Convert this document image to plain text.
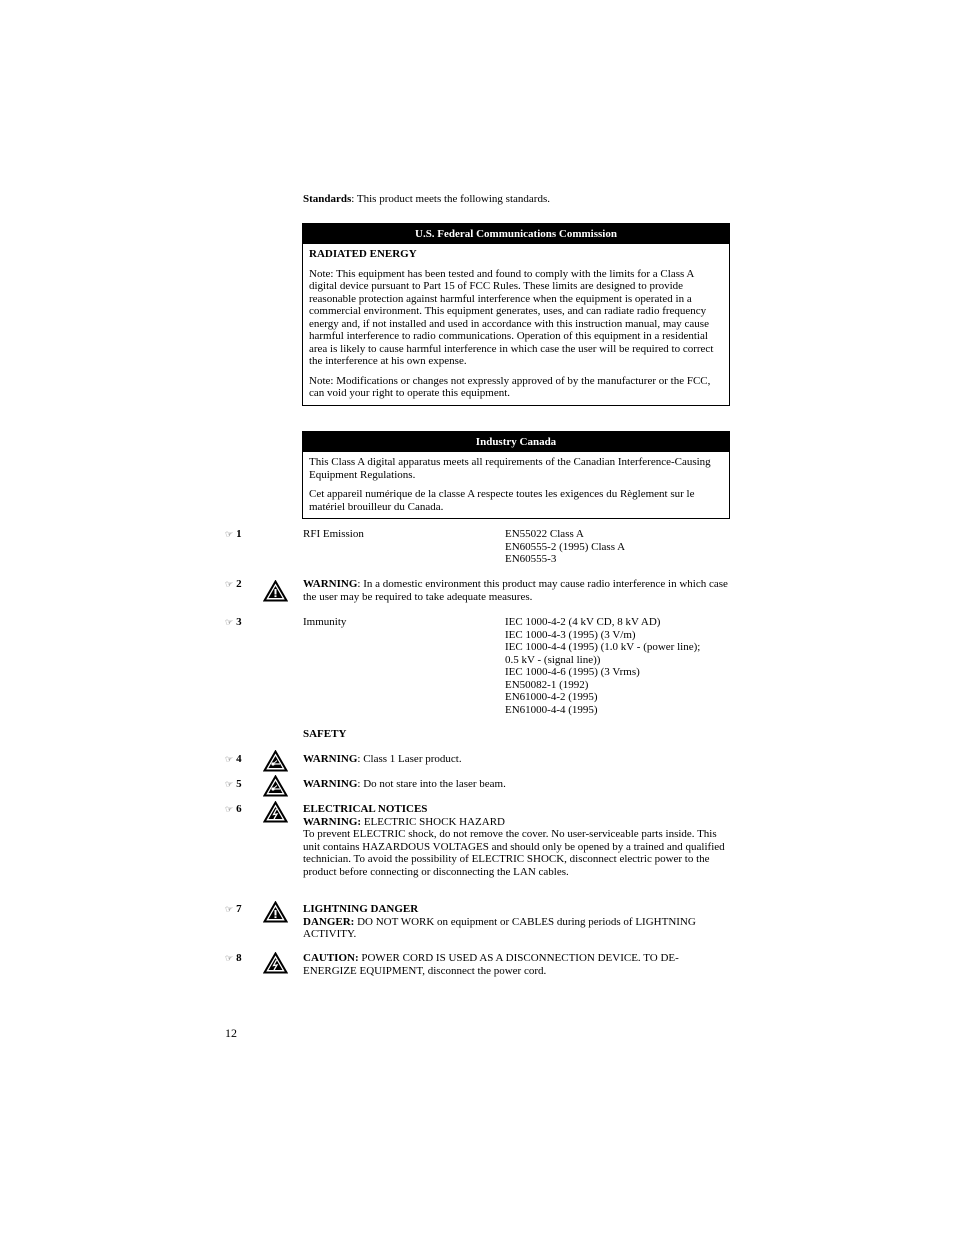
Standards: This product meets the following standards.
U.S. Federal Communications Commission

RADIATED ENERGY

Note: This equipment has been tested and found to comply with the limits for a Class A digital device pursuant to Part 15 of FCC Rules. These limits are designed to provide reasonable protection against harmful interference when the equipment is operated in a commercial environment. This equipment generates, uses, and can radiate radio frequency energy and, if not installed and used in accordance with this instruction manual, may cause harmful interference to radio communications. Operation of this equipment in a residential area is likely to cause harmful interference in which case the user will be required to correct the interference at his own expense.

Note: Modifications or changes not expressly approved of by the manufacturer or the FCC, can void your right to operate this equipment.

Industry Canada

This Class A digital apparatus meets all requirements of the Canadian Interference-Causing Equipment Regulations.

Cet appareil numérique de la classe A respecte toutes les exigences du Règlement sur le matériel brouilleur du Canada.

☞ 1	RFI Emission	EN55022 Class A
EN60555-2 (1995) Class A
EN60555-3
☞ 2	WARNING: In a domestic environment this product may cause radio interference in which case the user may be required to take adequate measures.
☞ 3	Immunity	IEC 1000-4-2 (4 kV CD, 8 kV AD)
IEC 1000-4-3 (1995) (3 V/m)
IEC 1000-4-4 (1995) (1.0 kV - (power line);
0.5 kV - (signal line))
IEC 1000-4-6 (1995) (3 Vrms)
EN50082-1 (1992)
EN61000-4-2 (1995)
EN61000-4-4 (1995)
SAFETY
☞ 4	WARNING: Class 1 Laser product.
☞ 5	WARNING: Do not stare into the laser beam.
☞ 6	ELECTRICAL NOTICES
WARNING: ELECTRIC SHOCK HAZARD
To prevent ELECTRIC shock, do not remove the cover. No user-serviceable parts inside. This unit contains HAZARDOUS VOLTAGES and should only be opened by a trained and qualified technician. To avoid the possibility of ELECTRIC SHOCK, disconnect electric power to the product before connecting or disconnecting the LAN cables.
☞ 7	LIGHTNING DANGER
DANGER: DO NOT WORK on equipment or CABLES during periods of LIGHTNING ACTIVITY.
☞ 8	CAUTION: POWER CORD IS USED AS A DISCONNECTION DEVICE. TO DE-ENERGIZE EQUIPMENT, disconnect the power cord.
12
